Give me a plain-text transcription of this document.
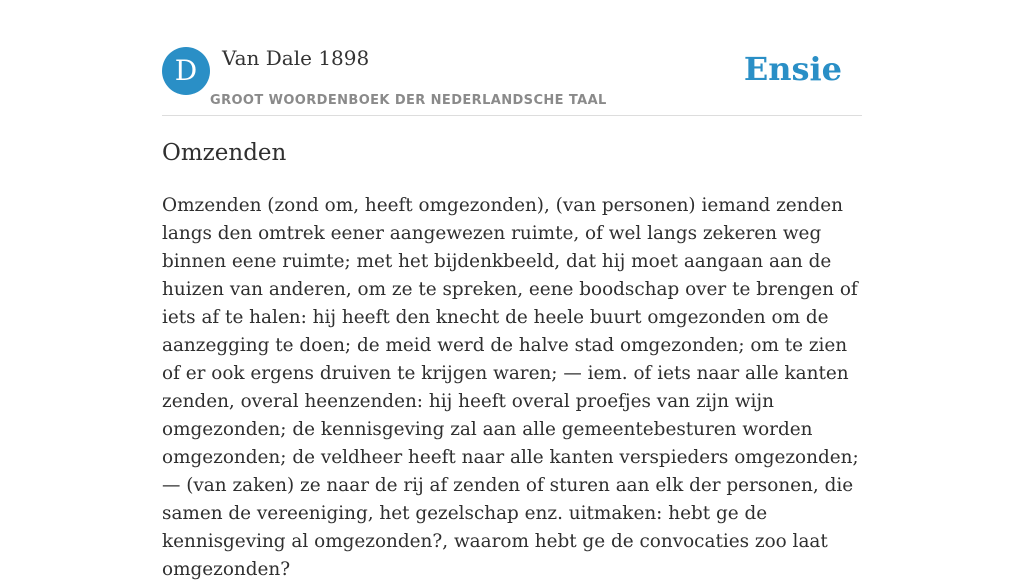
D	Van Dale 1898
GROOT WOORDENBOEK DER NEDERLANDSCHE TAAL
Ensie
Omzenden

Omzenden (zond om, heeft omgezonden), (van personen) iemand zenden langs den omtrek eener aangewezen ruimte, of wel langs zekeren weg binnen eene ruimte; met het bijdenkbeeld, dat hij moet aangaan aan de huizen van anderen, om ze te spreken, eene boodschap over te brengen of iets af te halen: hij heeft den knecht de heele buurt omgezonden om de aanzegging te doen; de meid werd de halve stad omgezonden; om te zien of er ook ergens druiven te krijgen waren; — iem. of iets naar alle kanten zenden, overal heenzenden: hij heeft overal proefjes van zijn wijn omgezonden; de kennisgeving zal aan alle gemeentebesturen worden omgezonden; de veldheer heeft naar alle kanten verspieders omgezonden; — (van zaken) ze naar de rij af zenden of sturen aan elk der personen, die samen de vereeniging, het gezelschap enz. uitmaken: hebt ge de kennisgeving al omgezonden?, waarom hebt ge de convocaties zoo laat omgezonden?
